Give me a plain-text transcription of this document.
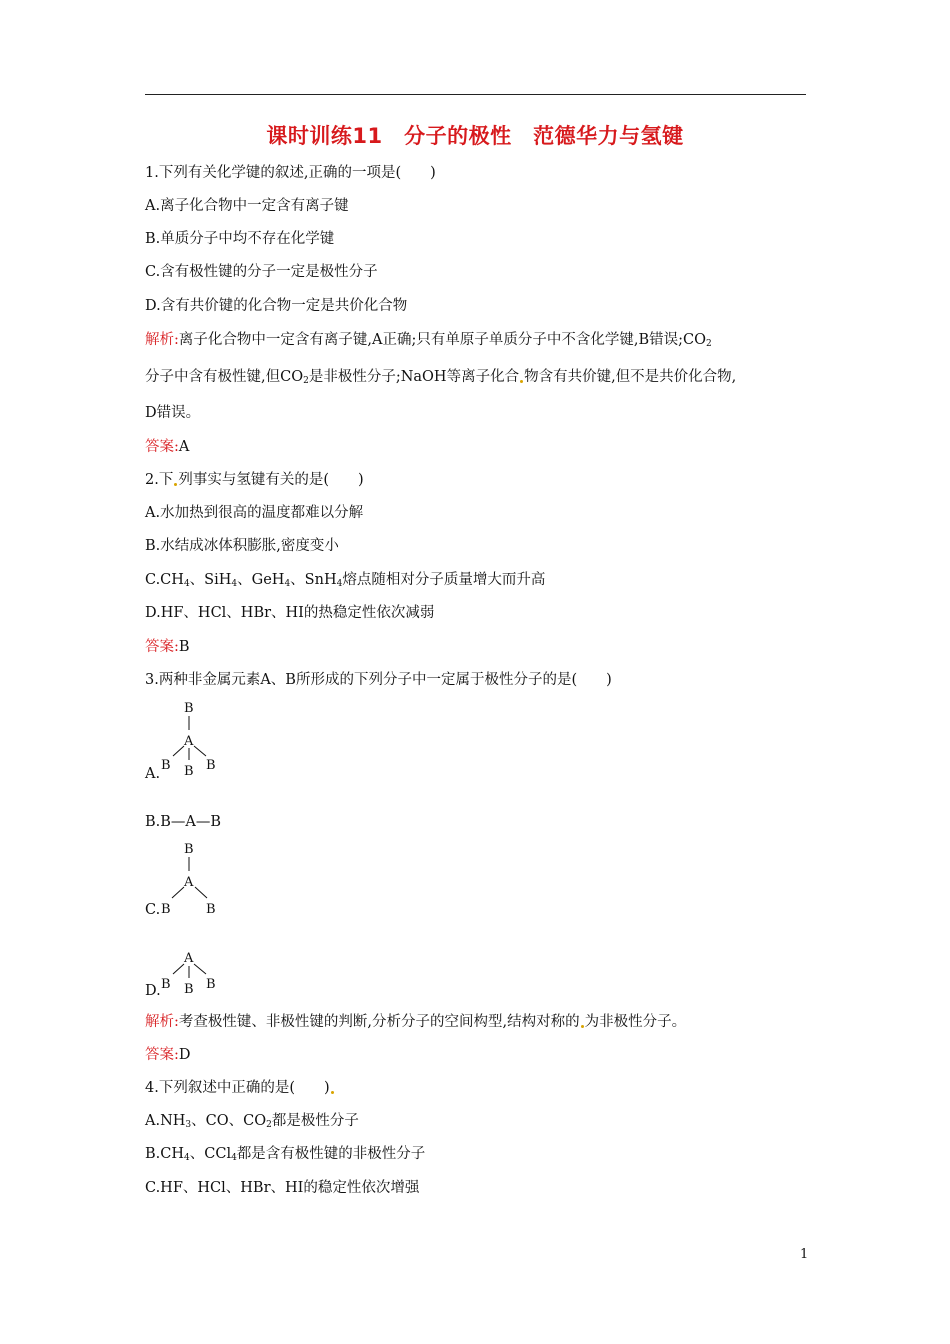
课时训练11　分子的极性　范德华力与氢键
1.下列有关化学键的叙述,正确的一项是(　　)
A.离子化合物中一定含有离子键
B.单质分子中均不存在化学键
C.含有极性键的分子一定是极性分子
D.含有共价键的化合物一定是共价化合物
解析:离子化合物中一定含有离子键,A正确;只有单原子单质分子中不含化学键,B错误$;CO_2$
分子中含有极性键,但$CO_2$是非极性分子;NaOH等离子化合 物含有共价键,但不是共价化合物,
D错误。
答案:A
2.下 列事实与氢键有关的是(　　)
A.水加热到很高的温度都难以分解
B.水结成冰体积膨胀,密度变小
$C.CH_4$、SiH$_4$、GeH$_4$、SnH$_4$熔点随相对分子质量增大而升高
D.HF、HCl、HBr、HI的热稳定性依次减弱
答案:B
3.两种非金属元素A、B所形成的下列分子中一定属于极性分子的是(　　)
A.
B
A
B B B
B.B—A—B
C.
B
A
B	B
D.
A
B B B
解析:考查极性键、非极性键的判断,分析分子的空间构型,结构对称的 为非极性分子。
答案:D
4.下列叙述中正确的是(　　)
$A.NH_3$、CO、$CO_2$都是极性分子
$B.CH_4$、CCl$_4$都是含有极性键的非极性分子
C.HF、HCl、HBr、HI的稳定性依次增强
1
